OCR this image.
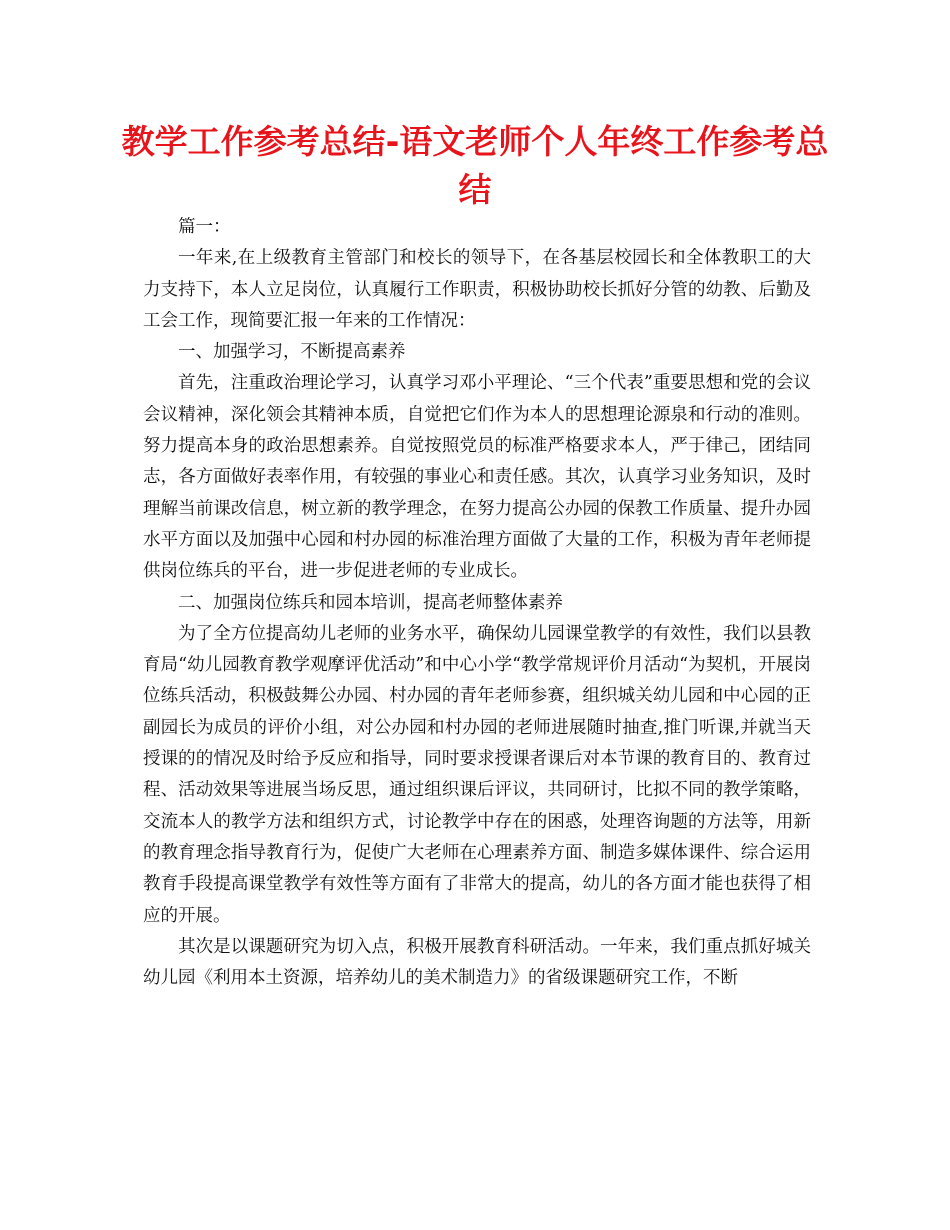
教学工作参考总结-语文老师个人年终工作参考总结

篇一：

一年来,在上级教育主管部门和校长的领导下，在各基层校园长和全体教职工的大力支持下，本人立足岗位，认真履行工作职责，积极协助校长抓好分管的幼教、后勤及工会工作，现简要汇报一年来的工作情况：

一、加强学习，不断提高素养

首先，注重政治理论学习，认真学习邓小平理论、“三个代表”重要思想和党的会议会议精神，深化领会其精神本质，自觉把它们作为本人的思想理论源泉和行动的准则。努力提高本身的政治思想素养。自觉按照党员的标准严格要求本人，严于律己，团结同志，各方面做好表率作用，有较强的事业心和责任感。其次，认真学习业务知识，及时理解当前课改信息，树立新的教学理念，在努力提高公办园的保教工作质量、提升办园水平方面以及加强中心园和村办园的标准治理方面做了大量的工作，积极为青年老师提供岗位练兵的平台，进一步促进老师的专业成长。

二、加强岗位练兵和园本培训，提高老师整体素养

为了全方位提高幼儿老师的业务水平，确保幼儿园课堂教学的有效性，我们以县教育局“幼儿园教育教学观摩评优活动”和中心小学“教学常规评价月活动“为契机，开展岗位练兵活动，积极鼓舞公办园、村办园的青年老师参赛，组织城关幼儿园和中心园的正副园长为成员的评价小组，对公办园和村办园的老师进展随时抽查,推门听课,并就当天授课的的情况及时给予反应和指导，同时要求授课者课后对本节课的教育目的、教育过程、活动效果等进展当场反思，通过组织课后评议，共同研讨，比拟不同的教学策略，交流本人的教学方法和组织方式，讨论教学中存在的困惑，处理咨询题的方法等，用新的教育理念指导教育行为，促使广大老师在心理素养方面、制造多媒体课件、综合运用教育手段提高课堂教学有效性等方面有了非常大的提高，幼儿的各方面才能也获得了相应的开展。

其次是以课题研究为切入点，积极开展教育科研活动。一年来，我们重点抓好城关幼儿园《利用本土资源，培养幼儿的美术制造力》的省级课题研究工作，不断
